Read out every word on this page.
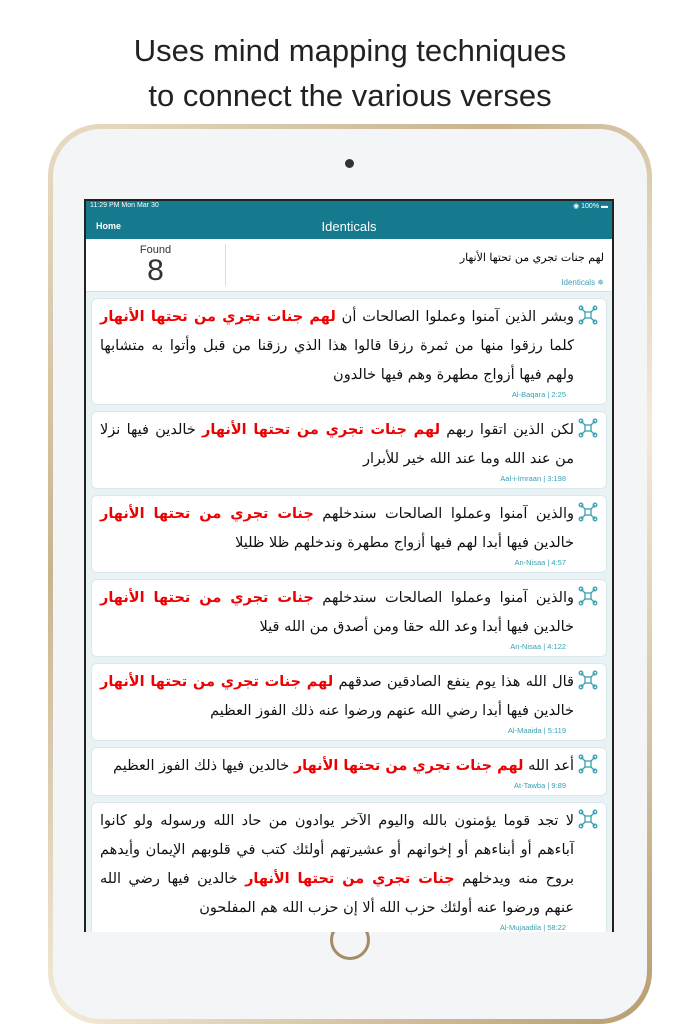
Uses mind mapping techniques
to connect the various verses
11:29 PM Mon Mar 30	◉ 100% ▬
Home	Identicals
Found
8	لهم جنات تجري من تحتها الأنهار
Identicals ✵
وبشر الذين آمنوا وعملوا الصالحات أن لهم جنات تجري من تحتها الأنهار كلما رزقوا منها من ثمرة رزقا قالوا هذا الذي رزقنا من قبل وأتوا به متشابها ولهم فيها أزواج مطهرة وهم فيها خالدون
Al-Baqara | 2:25
لكن الذين اتقوا ربهم لهم جنات تجري من تحتها الأنهار خالدين فيها نزلا من عند الله وما عند الله خير للأبرار
Aal-i-Imraan | 3:198
والذين آمنوا وعملوا الصالحات سندخلهم جنات تجري من تحتها الأنهار خالدين فيها أبدا لهم فيها أزواج مطهرة وندخلهم ظلا ظليلا
An-Nisaa | 4:57
والذين آمنوا وعملوا الصالحات سندخلهم جنات تجري من تحتها الأنهار خالدين فيها أبدا وعد الله حقا ومن أصدق من الله قيلا
An-Nisaa | 4:122
قال الله هذا يوم ينفع الصادقين صدقهم لهم جنات تجري من تحتها الأنهار خالدين فيها أبدا رضي الله عنهم ورضوا عنه ذلك الفوز العظيم
Al-Maaida | 5:119
أعد الله لهم جنات تجري من تحتها الأنهار خالدين فيها ذلك الفوز العظيم
At-Tawba | 9:89
لا تجد قوما يؤمنون بالله واليوم الآخر يوادون من حاد الله ورسوله ولو كانوا آباءهم أو أبناءهم أو إخوانهم أو عشيرتهم أولئك كتب في قلوبهم الإيمان وأيدهم بروح منه ويدخلهم جنات تجري من تحتها الأنهار خالدين فيها رضي الله عنهم ورضوا عنه أولئك حزب الله ألا إن حزب الله هم المفلحون
Al-Mujaadila | 58:22
